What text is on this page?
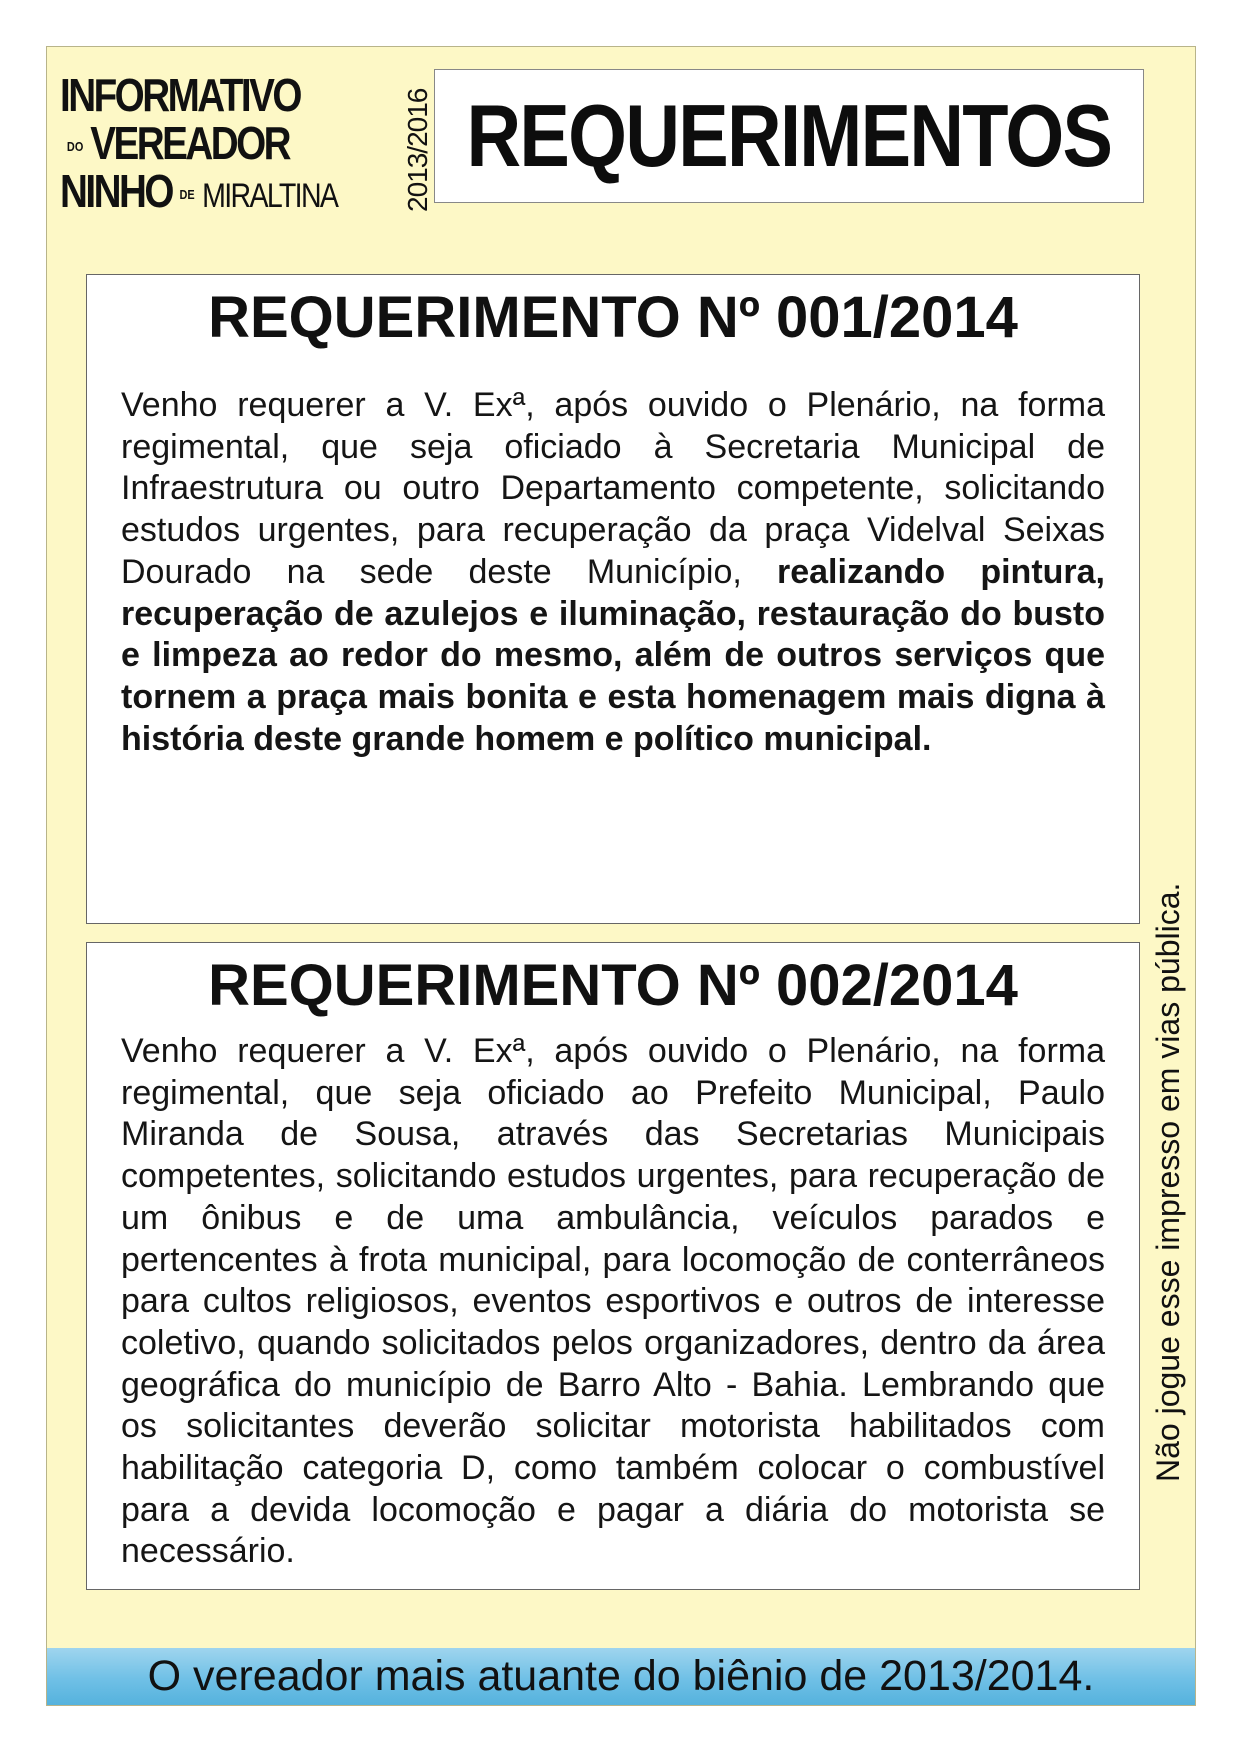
INFORMATIVO
DO VEREADOR
NINHO DE MIRALTINA 2013/2016 REQUERIMENTOS
REQUERIMENTO Nº 001/2014
Venho requerer a V. Exª, após ouvido o Plenário, na forma regimental, que seja oficiado à Secretaria Municipal de Infraestrutura ou outro Departamento competente, solicitando estudos urgentes, para recuperação da praça Videlval Seixas Dourado na sede deste Município, realizando pintura, recuperação de azulejos e iluminação, restauração do busto e limpeza ao redor do mesmo, além de outros serviços que tornem a praça mais bonita e esta homenagem mais digna à história deste grande homem e político municipal.
REQUERIMENTO Nº 002/2014
Venho requerer a V. Exª, após ouvido o Plenário, na forma regimental, que seja oficiado ao Prefeito Municipal, Paulo Miranda de Sousa, através das Secretarias Municipais competentes, solicitando estudos urgentes, para recuperação de um ônibus e de uma ambulância, veículos parados e pertencentes à frota municipal, para locomoção de conterrâneos para cultos religiosos, eventos esportivos e outros de interesse coletivo, quando solicitados pelos organizadores, dentro da área geográfica do município de Barro Alto - Bahia. Lembrando que os solicitantes deverão solicitar motorista habilitados com habilitação categoria D, como também colocar o combustível para a devida locomoção e pagar a diária do motorista se necessário.
Não jogue esse impresso em vias pública.
O vereador mais atuante do biênio de 2013/2014.
